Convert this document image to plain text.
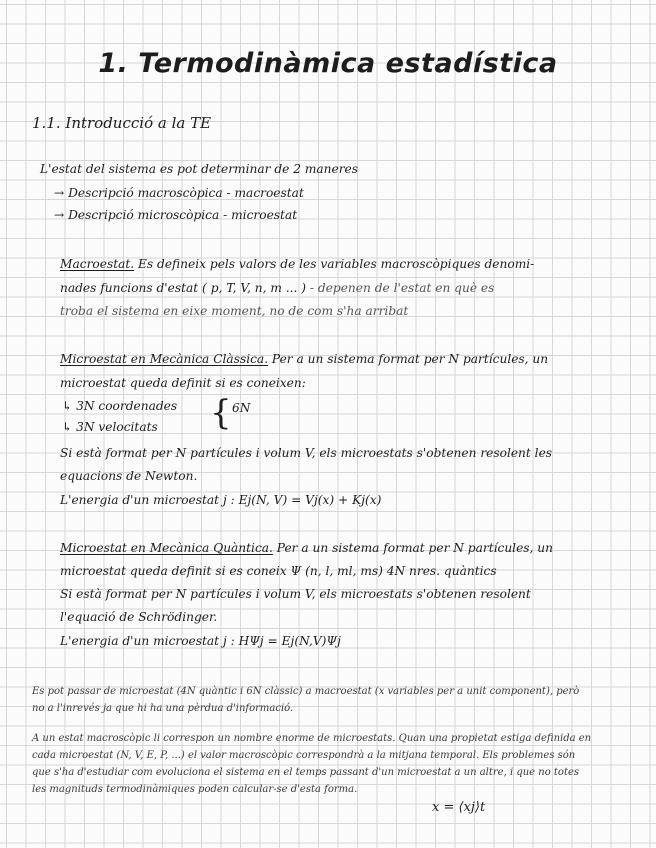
1. Termodinàmica estadística
1.1. Introducció a la TE
L'estat del sistema es pot determinar de 2 maneres
→ Descripció macroscòpica - macroestat
→ Descripció microscòpica - microestat
Macroestat. Es defineix pels valors de les variables macroscòpiques denomi-
nades funcions d'estat ( p, T, V, n, m ... ) - depenen de l'estat en què es
troba el sistema en eixe moment, no de com s'ha arribat
Microestat en Mecànica Clàssica. Per a un sistema format per N partícules, un
microestat queda definit si es coneixen:
↳ 3N coordenades
↳ 3N velocitats { 6N
Si està format per N partícules i volum V, els microestats s'obtenen resolent les
equacions de Newton.
L'energia d'un microestat j : Ej(N, V) = Vj(x) + Kj(x)
Microestat en Mecànica Quàntica. Per a un sistema format per N partícules, un
microestat queda definit si es coneix Ψ (n, l, ml, ms) 4N nres. quàntics
Si està format per N partícules i volum V, els microestats s'obtenen resolent
l'equació de Schrödinger.
L'energia d'un microestat j : HΨj = Ej(N,V)Ψj
Es pot passar de microestat (4N quàntic i 6N clàssic) a macroestat (x variables per a unit component), però
no a l'inrevés ja que hi ha una pèrdua d'informació.
A un estat macroscòpic li correspon un nombre enorme de microestats. Quan una propietat estiga definida en
cada microestat (N, V, E, P, ...) el valor macroscòpic correspondrà a la mitjana temporal. Els problemes són
que s'ha d'estudiar com evoluciona el sistema en el temps passant d'un microestat a un altre, i que no totes
les magnituds termodinàmiques poden calcular-se d'esta forma.
x = ⟨xj⟩t
